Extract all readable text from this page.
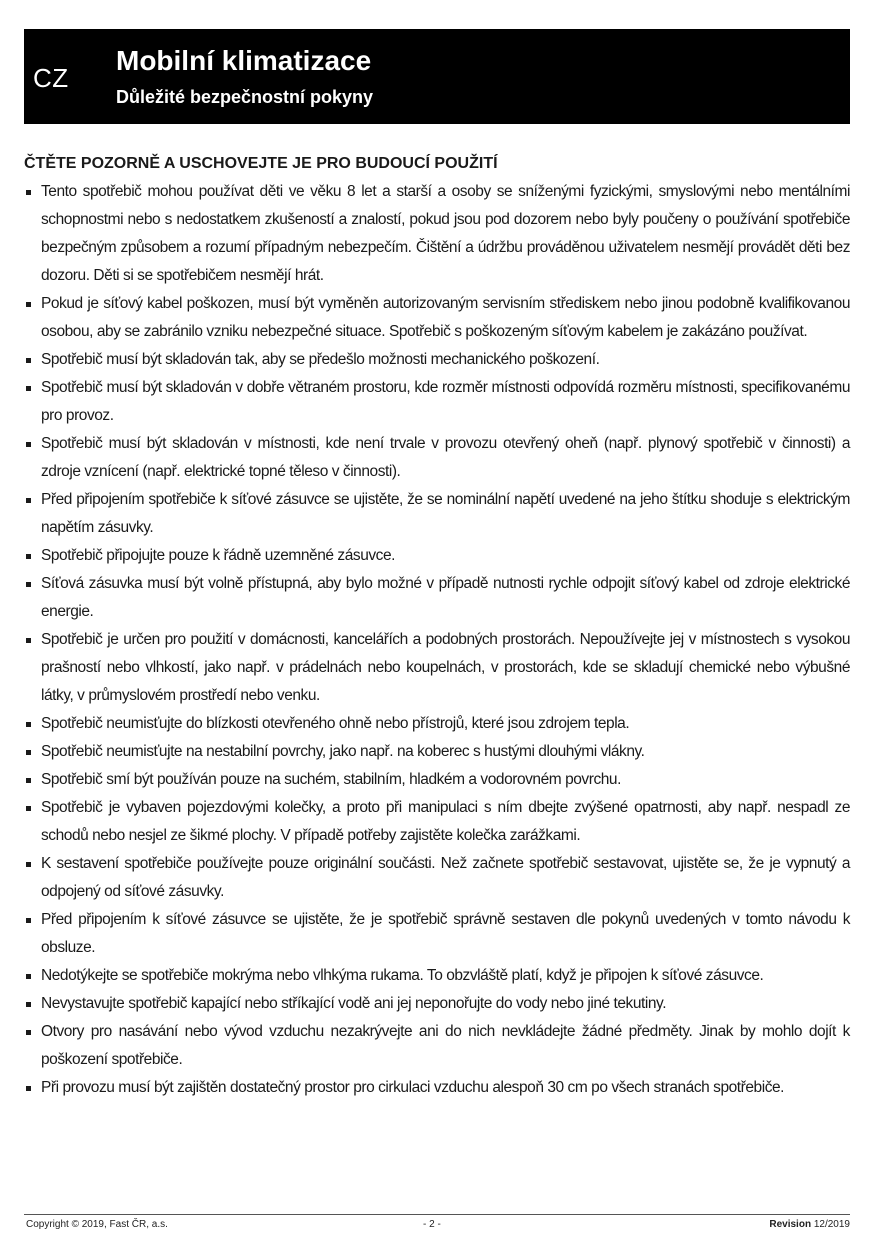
CZ
Mobilní klimatizace
Důležité bezpečnostní pokyny
ČTĚTE POZORNĚ A USCHOVEJTE JE PRO BUDOUCÍ POUŽITÍ
Tento spotřebič mohou používat děti ve věku 8 let a starší a osoby se sníženými fyzickými, smyslovými nebo mentálními schopnostmi nebo s nedostatkem zkušeností a znalostí, pokud jsou pod dozorem nebo byly poučeny o používání spotřebiče bezpečným způsobem a rozumí případným nebezpečím. Čištění a údržbu prováděnou uživatelem nesmějí provádět děti bez dozoru. Děti si se spotřebičem nesmějí hrát.
Pokud je síťový kabel poškozen, musí být vyměněn autorizovaným servisním střediskem nebo jinou podobně kvalifikovanou osobou, aby se zabránilo vzniku nebezpečné situace. Spotřebič s poškozeným síťovým kabelem je zakázáno používat.
Spotřebič musí být skladován tak, aby se předešlo možnosti mechanického poškození.
Spotřebič musí být skladován v dobře větraném prostoru, kde rozměr místnosti odpovídá rozměru místnosti, specifikovanému pro provoz.
Spotřebič musí být skladován v místnosti, kde není trvale v provozu otevřený oheň (např. plynový spotřebič v činnosti) a zdroje vznícení (např. elektrické topné těleso v činnosti).
Před připojením spotřebiče k síťové zásuvce se ujistěte, že se nominální napětí uvedené na jeho štítku shoduje s elektrickým napětím zásuvky.
Spotřebič připojujte pouze k řádně uzemněné zásuvce.
Síťová zásuvka musí být volně přístupná, aby bylo možné v případě nutnosti rychle odpojit síťový kabel od zdroje elektrické energie.
Spotřebič je určen pro použití v domácnosti, kancelářích a podobných prostorách. Nepoužívejte jej v místnostech s vysokou prašností nebo vlhkostí, jako např. v prádelnách nebo koupelnách, v prostorách, kde se skladují chemické nebo výbušné látky, v průmyslovém prostředí nebo venku.
Spotřebič neumisťujte do blízkosti otevřeného ohně nebo přístrojů, které jsou zdrojem tepla.
Spotřebič neumisťujte na nestabilní povrchy, jako např. na koberec s hustými dlouhými vlákny.
Spotřebič smí být používán pouze na suchém, stabilním, hladkém a vodorovném povrchu.
Spotřebič je vybaven pojezdovými kolečky, a proto při manipulaci s ním dbejte zvýšené opatrnosti, aby např. nespadl ze schodů nebo nesjel ze šikmé plochy. V případě potřeby zajistěte kolečka zarážkami.
K sestavení spotřebiče používejte pouze originální součásti. Než začnete spotřebič sestavovat, ujistěte se, že je vypnutý a odpojený od síťové zásuvky.
Před připojením k síťové zásuvce se ujistěte, že je spotřebič správně sestaven dle pokynů uvedených v tomto návodu k obsluze.
Nedotýkejte se spotřebiče mokrýma nebo vlhkýma rukama. To obzvláště platí, když je připojen k síťové zásuvce.
Nevystavujte spotřebič kapající nebo stříkající vodě ani jej neponořujte do vody nebo jiné tekutiny.
Otvory pro nasávání nebo vývod vzduchu nezakrývejte ani do nich nevkládejte žádné předměty. Jinak by mohlo dojít k poškození spotřebiče.
Při provozu musí být zajištěn dostatečný prostor pro cirkulaci vzduchu alespoň 30 cm po všech stranách spotřebiče.
Copyright © 2019, Fast ČR, a.s.	- 2 -	Revision 12/2019
